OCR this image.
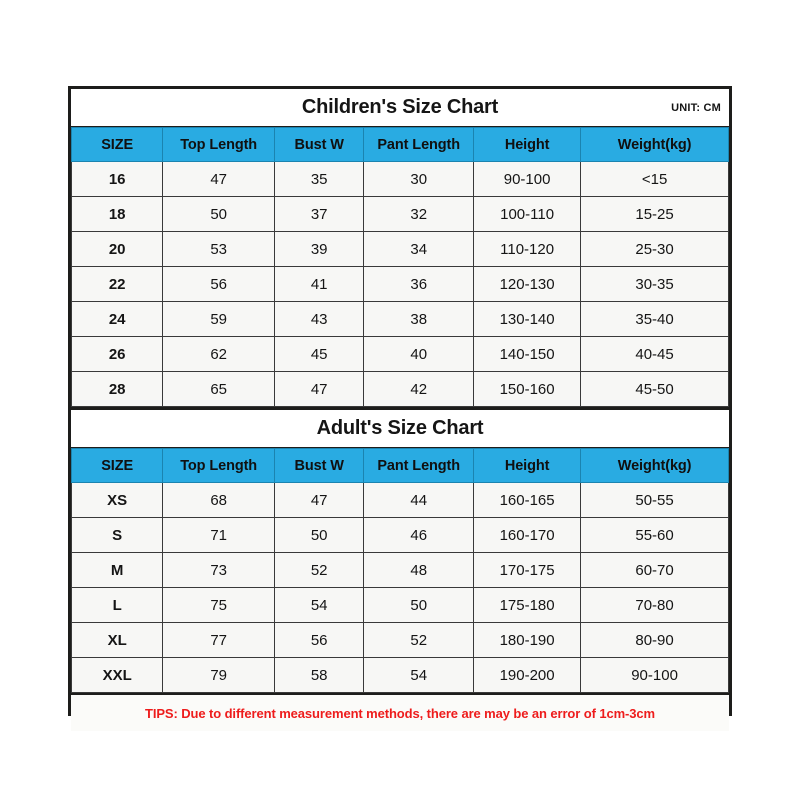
Children's Size Chart	UNIT: CM
SIZE	Top Length	Bust W	Pant Length	Height	Weight(kg)
16	47	35	30	90-100	<15
18	50	37	32	100-110	15-25
20	53	39	34	110-120	25-30
22	56	41	36	120-130	30-35
24	59	43	38	130-140	35-40
26	62	45	40	140-150	40-45
28	65	47	42	150-160	45-50
Adult's Size Chart
SIZE	Top Length	Bust W	Pant Length	Height	Weight(kg)
XS	68	47	44	160-165	50-55
S	71	50	46	160-170	55-60
M	73	52	48	170-175	60-70
L	75	54	50	175-180	70-80
XL	77	56	52	180-190	80-90
XXL	79	58	54	190-200	90-100
TIPS: Due to different measurement methods, there are may be an error of 1cm-3cm
